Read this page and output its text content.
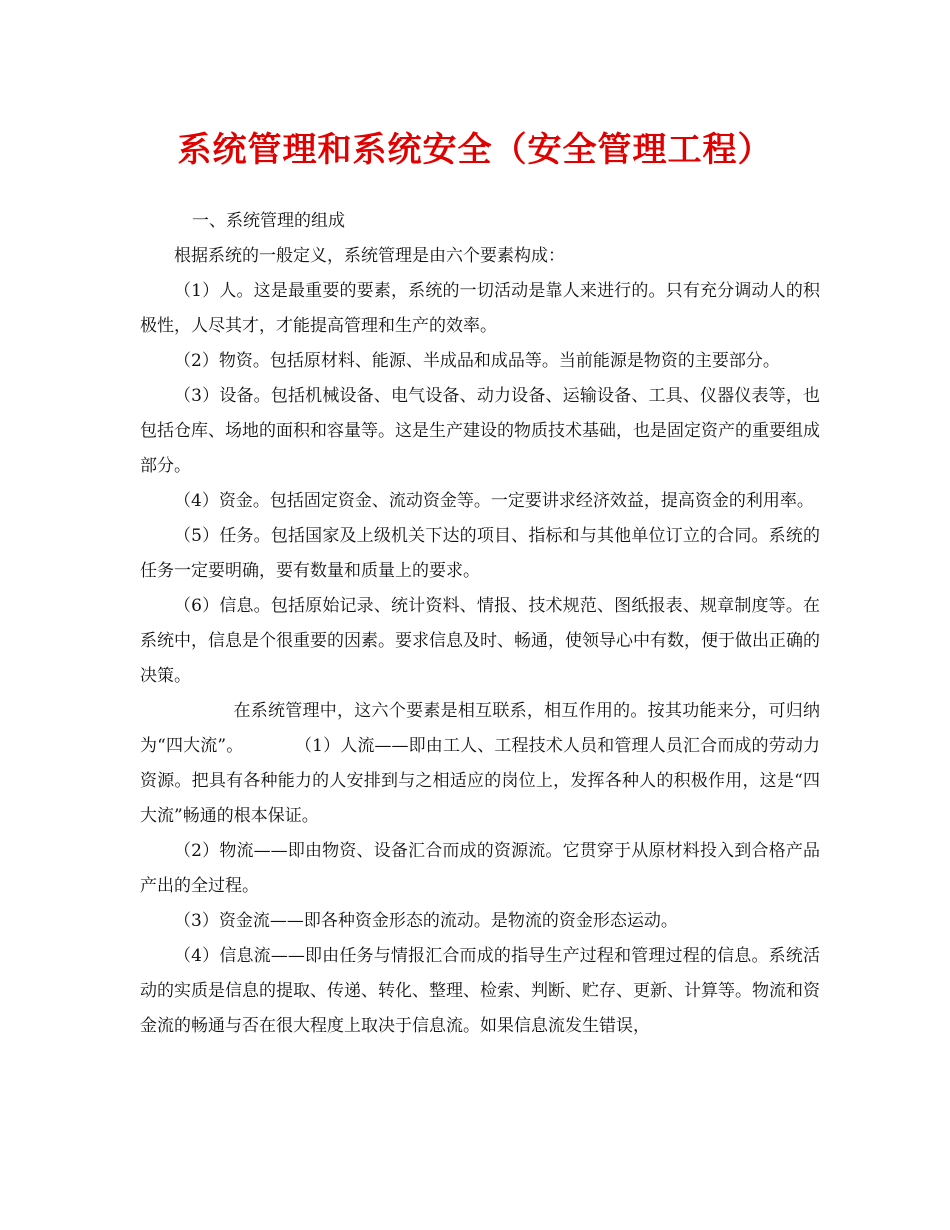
系统管理和系统安全（安全管理工程）

一、系统管理的组成

根据系统的一般定义，系统管理是由六个要素构成：

（1）人。这是最重要的要素，系统的一切活动是靠人来进行的。只有充分调动人的积极性，人尽其才，才能提高管理和生产的效率。

（2）物资。包括原材料、能源、半成品和成品等。当前能源是物资的主要部分。

（3）设备。包括机械设备、电气设备、动力设备、运输设备、工具、仪器仪表等，也包括仓库、场地的面积和容量等。这是生产建设的物质技术基础，也是固定资产的重要组成部分。

（4）资金。包括固定资金、流动资金等。一定要讲求经济效益，提高资金的利用率。

（5）任务。包括国家及上级机关下达的项目、指标和与其他单位订立的合同。系统的任务一定要明确，要有数量和质量上的要求。

（6）信息。包括原始记录、统计资料、情报、技术规范、图纸报表、规章制度等。在系统中，信息是个很重要的因素。要求信息及时、畅通，使领导心中有数，便于做出正确的决策。

在系统管理中，这六个要素是相互联系，相互作用的。按其功能来分，可归纳为“四大流”。　　　　（1）人流——即由工人、工程技术人员和管理人员汇合而成的劳动力资源。把具有各种能力的人安排到与之相适应的岗位上，发挥各种人的积极作用，这是“四大流”畅通的根本保证。

（2）物流——即由物资、设备汇合而成的资源流。它贯穿于从原材料投入到合格产品产出的全过程。

（3）资金流——即各种资金形态的流动。是物流的资金形态运动。

（4）信息流——即由任务与情报汇合而成的指导生产过程和管理过程的信息。系统活动的实质是信息的提取、传递、转化、整理、检索、判断、贮存、更新、计算等。物流和资金流的畅通与否在很大程度上取决于信息流。如果信息流发生错误，
